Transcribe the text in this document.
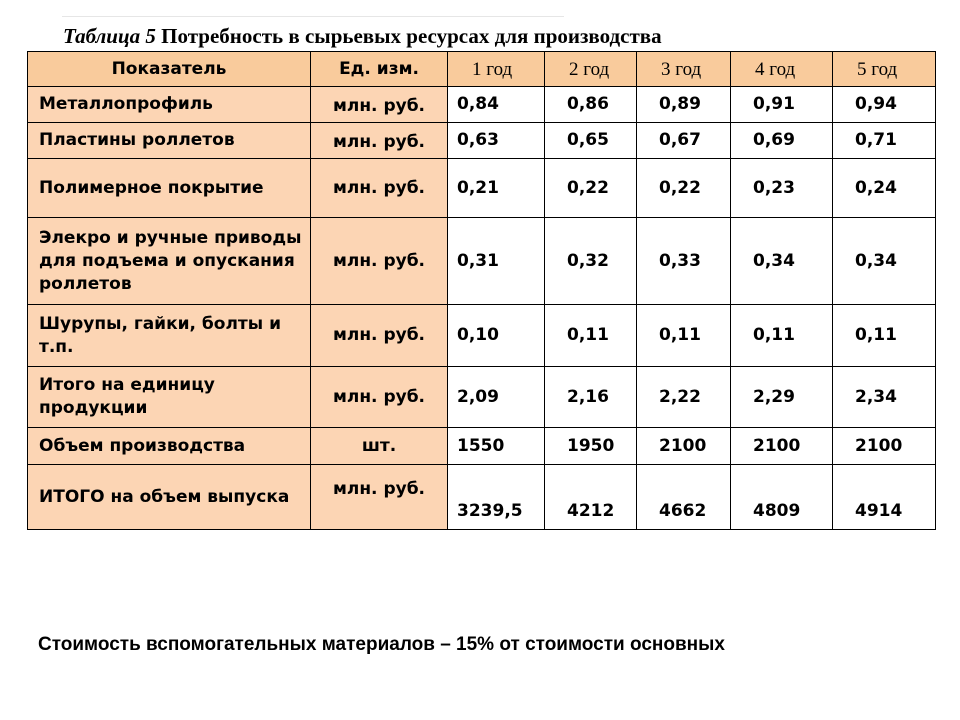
Таблица 5 Потребность в сырьевых ресурсах для производства
Показатель	Ед. изм.	1 год	2 год	3 год	4 год	5 год
Металлопрофиль	млн. руб.	0,84	0,86	0,89	0,91	0,94
Пластины роллетов	млн. руб.	0,63	0,65	0,67	0,69	0,71
Полимерное покрытие	млн. руб.	0,21	0,22	0,22	0,23	0,24
Элекро и ручные приводы для подъема и опускания роллетов	млн. руб.	0,31	0,32	0,33	0,34	0,34
Шурупы, гайки, болты и т.п.	млн. руб.	0,10	0,11	0,11	0,11	0,11
Итого на единицу продукции	млн. руб.	2,09	2,16	2,22	2,29	2,34
Объем производства	шт.	1550	1950	2100	2100	2100
ИТОГО на объем выпуска	млн. руб.	3239,5	4212	4662	4809	4914
Стоимость вспомогательных материалов – 15% от стоимости основных
